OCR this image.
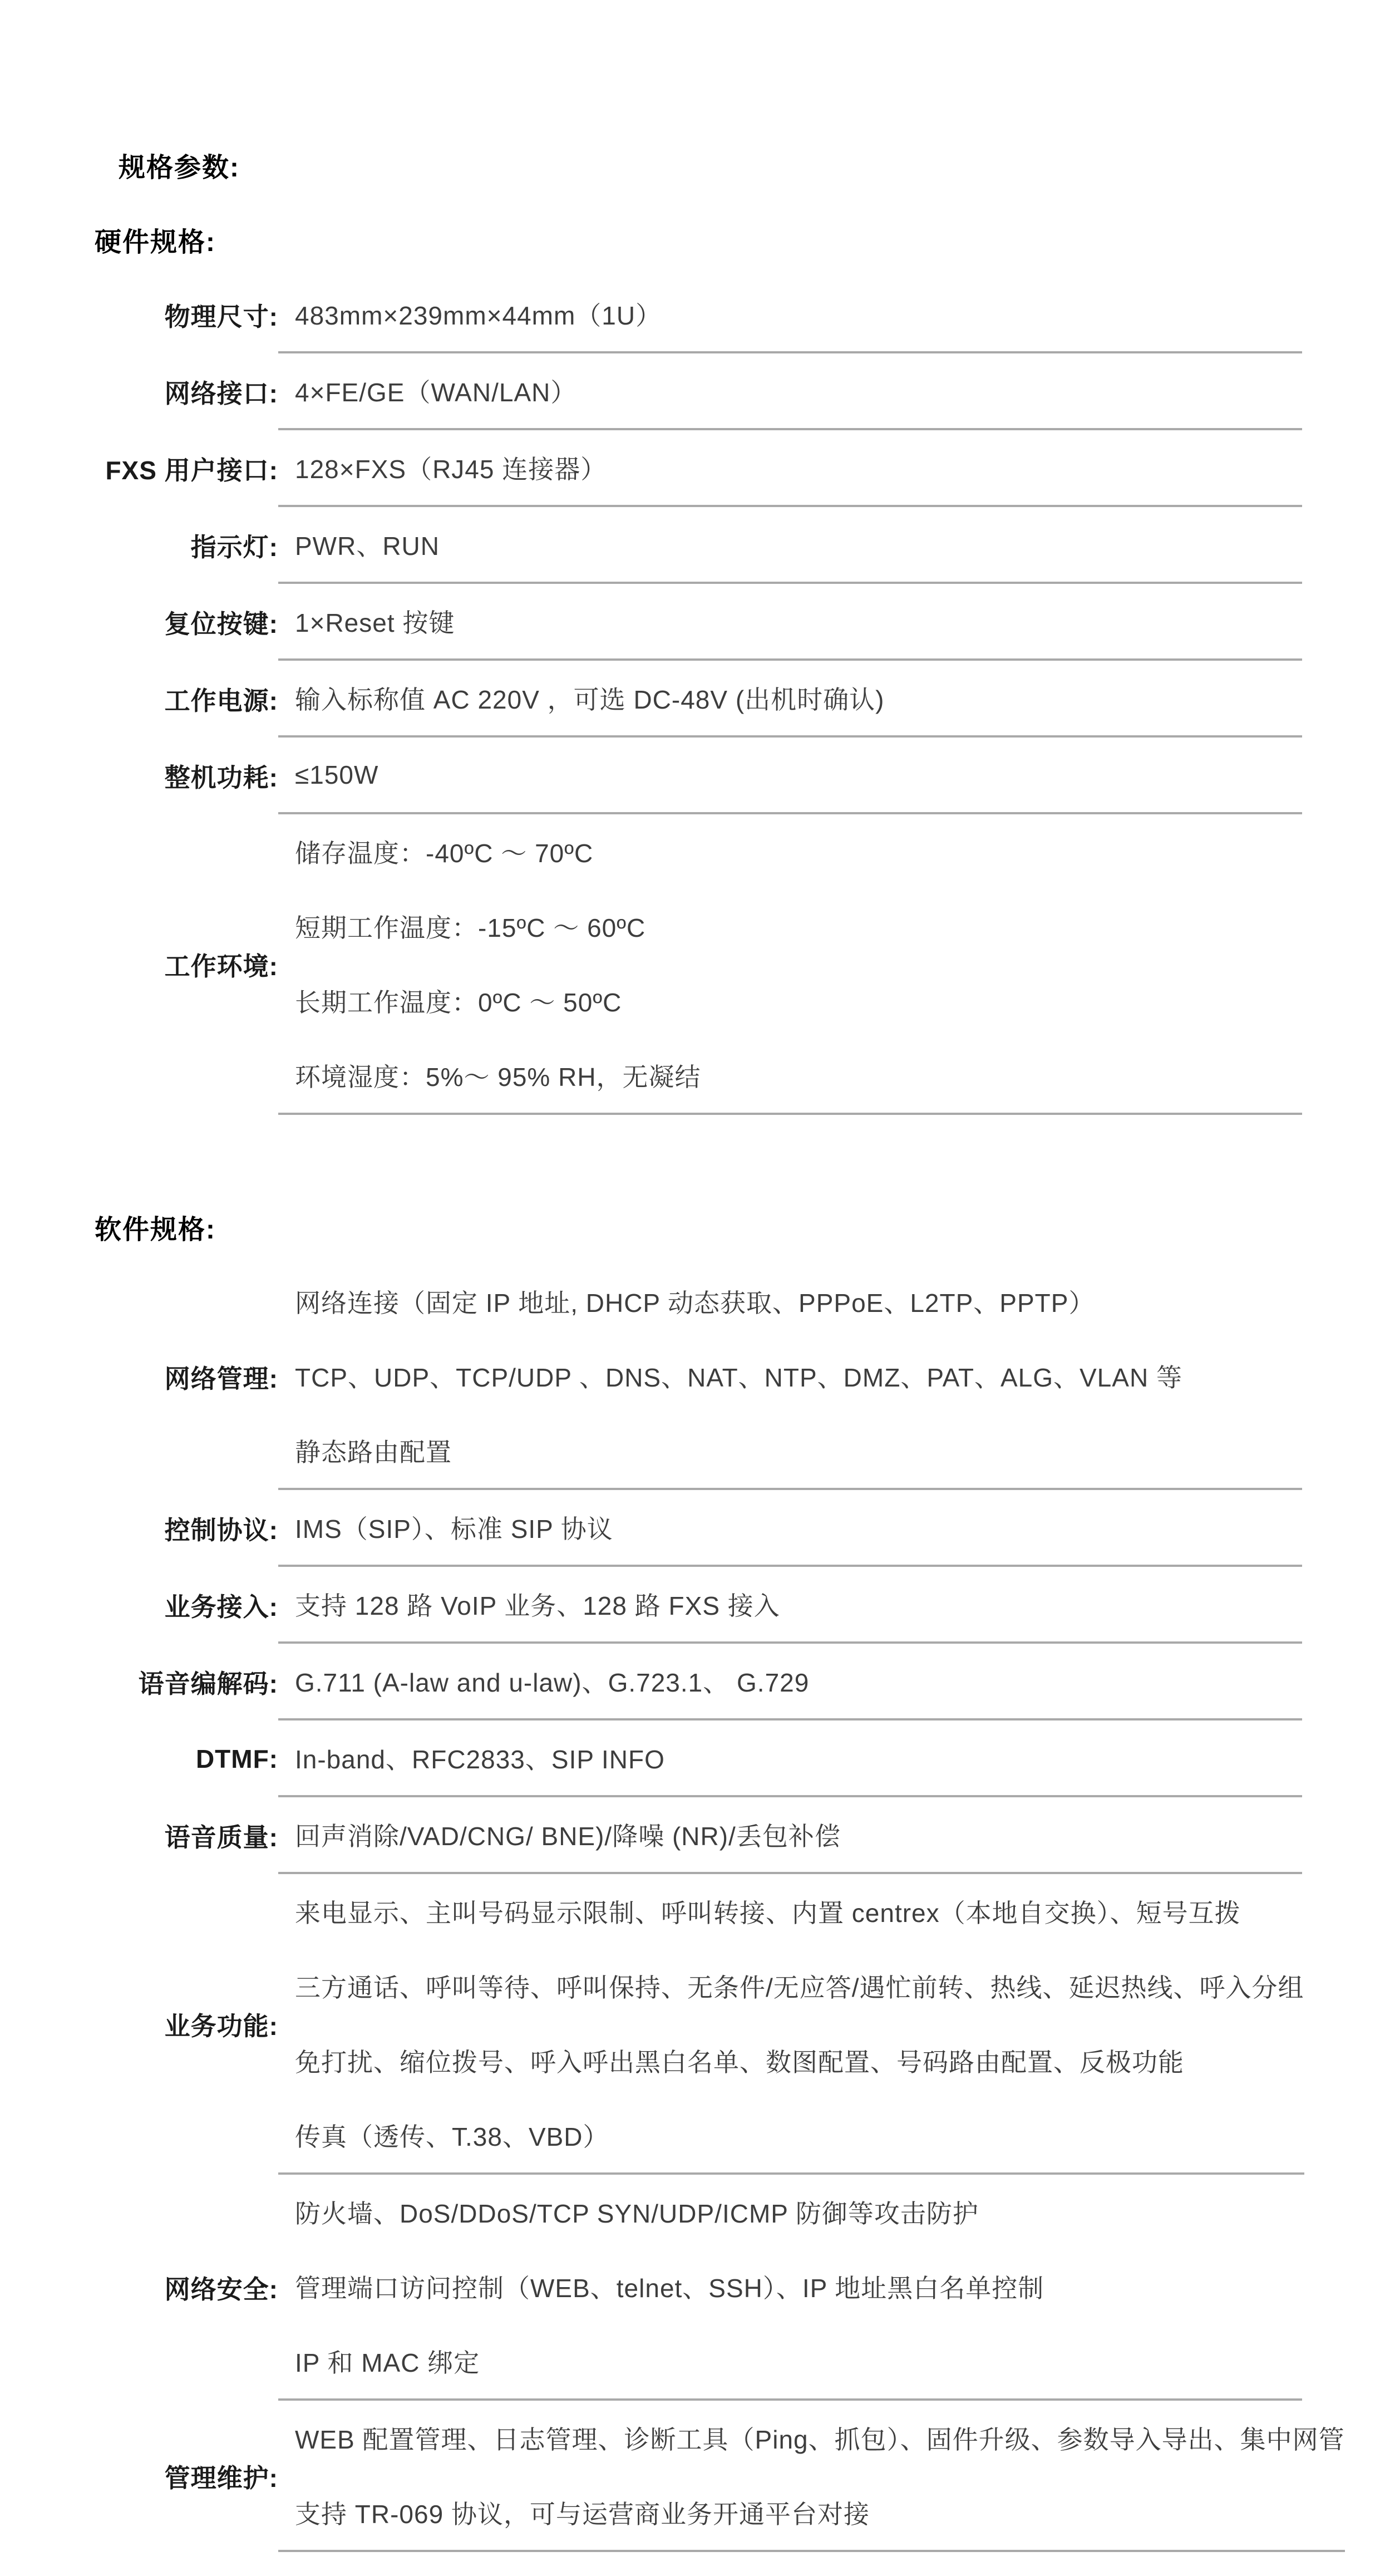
规格参数:
硬件规格:
物理尺寸: 483mm×239mm×44mm（1U）
网络接口: 4×FE/GE（WAN/LAN）
FXS 用户接口: 128×FXS（RJ45 连接器）
指示灯: PWR、RUN
复位按键: 1×Reset 按键
工作电源: 输入标称值 AC 220V ，可选 DC-48V (出机时确认)
整机功耗: ≤150W
工作环境:
储存温度：-40ºC ～ 70ºC
短期工作温度：-15ºC ～ 60ºC
长期工作温度：0ºC ～ 50ºC
环境湿度：5%～ 95% RH，无凝结
软件规格:
网络管理:
网络连接（固定 IP 地址, DHCP 动态获取、PPPoE、L2TP、PPTP）
TCP、UDP、TCP/UDP 、DNS、NAT、NTP、DMZ、PAT、ALG、VLAN 等
静态路由配置
控制协议: IMS（SIP）、标准 SIP 协议
业务接入: 支持 128 路 VoIP 业务、128 路 FXS 接入
语音编解码: G.711 (A-law and u-law)、G.723.1、 G.729
DTMF: In-band、RFC2833、SIP INFO
语音质量: 回声消除/VAD/CNG/ BNE)/降噪 (NR)/丢包补偿
业务功能:
来电显示、主叫号码显示限制、呼叫转接、内置 centrex（本地自交换）、短号互拨
三方通话、呼叫等待、呼叫保持、无条件/无应答/遇忙前转、热线、延迟热线、呼入分组
免打扰、缩位拨号、呼入呼出黑白名单、数图配置、号码路由配置、反极功能
传真（透传、T.38、VBD）
网络安全:
防火墙、DoS/DDoS/TCP SYN/UDP/ICMP 防御等攻击防护
管理端口访问控制（WEB、telnet、SSH）、IP 地址黑白名单控制
IP 和 MAC 绑定
管理维护:
WEB 配置管理、日志管理、诊断工具（Ping、抓包）、固件升级、参数导入导出、集中网管
支持 TR-069 协议，可与运营商业务开通平台对接
